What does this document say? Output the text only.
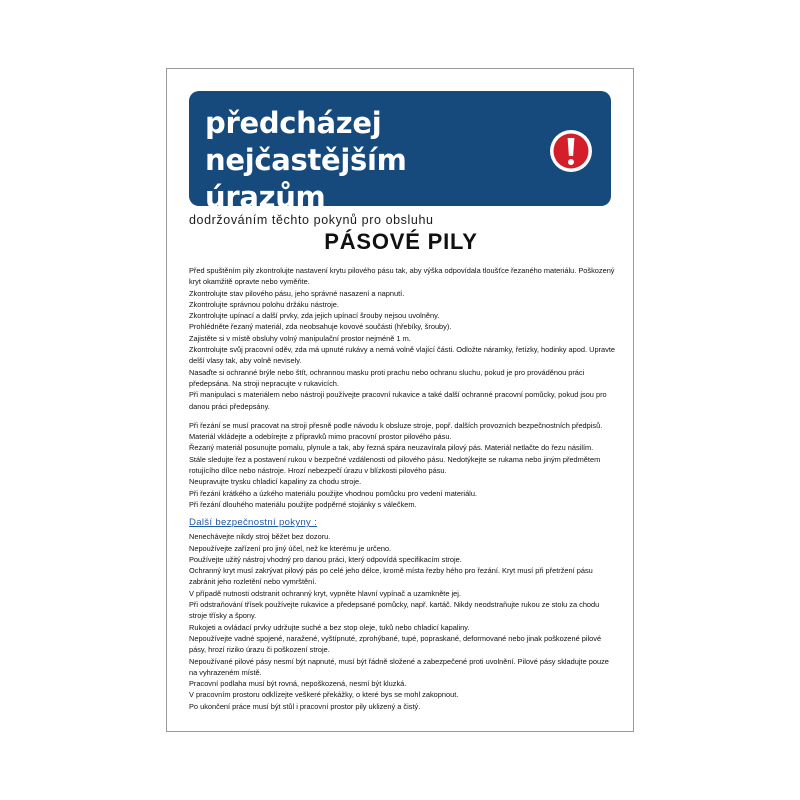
předcházej nejčastějším úrazům
dodržováním těchto pokynů pro obsluhu
PÁSOVÉ PILY

Před spuštěním pily zkontrolujte nastavení krytu pilového pásu tak, aby výška odpovídala tloušťce řezaného materiálu. Poškozený kryt okamžitě opravte nebo vyměňte.

Zkontrolujte stav pilového pásu, jeho správné nasazení a napnutí.

Zkontrolujte správnou polohu držáku nástroje.

Zkontrolujte upínací a další prvky, zda jejich upínací šrouby nejsou uvolněny.

Prohlédněte řezaný materiál, zda neobsahuje kovové součásti (hřebíky, šrouby).

Zajistěte si v místě obsluhy volný manipulační prostor nejméně 1 m.

Zkontrolujte svůj pracovní oděv, zda má upnuté rukávy a nemá volně vlající části. Odložte náramky, řetízky, hodinky apod. Upravte delší vlasy tak, aby volně nevisely.

Nasaďte si ochranné brýle nebo štít, ochrannou masku proti prachu nebo ochranu sluchu, pokud je pro prováděnou práci předepsána. Na stroji nepracujte v rukavicích.

Při manipulaci s materiálem nebo nástroji používejte pracovní rukavice a také další ochranné pracovní pomůcky, pokud jsou pro danou práci předepsány.

Při řezání se musí pracovat na stroji přesně podle návodu k obsluze stroje, popř. dalších provozních bezpečnostních předpisů.

Materiál vkládejte a odebírejte z přípravků mimo pracovní prostor pilového pásu.

Řezaný materiál posunujte pomalu, plynule a tak, aby řezná spára neuzavírala pilový pás. Materiál netlačte do řezu násilím.

Stále sledujte řez a postavení rukou v bezpečné vzdálenosti od pilového pásu. Nedotýkejte se rukama nebo jiným předmětem rotujícího dílce nebo nástroje. Hrozí nebezpečí úrazu v blízkosti pilového pásu.

Neupravujte trysku chladicí kapaliny za chodu stroje.

Při řezání krátkého a úzkého materiálu použijte vhodnou pomůcku pro vedení materiálu.

Při řezání dlouhého materiálu použijte podpěrné stojánky s válečkem.

Další bezpečnostní pokyny :

Nenechávejte nikdy stroj běžet bez dozoru.

Nepoužívejte zařízení pro jiný účel, než ke kterému je určeno.

Používejte užitý nástroj vhodný pro danou práci, který odpovídá specifikacím stroje.

Ochranný kryt musí zakrývat pilový pás po celé jeho délce, kromě místa řezby hého pro řezání. Kryt musí při přetržení pásu zabránit jeho rozletění nebo vymrštění.

V případě nutnosti odstranit ochranný kryt, vypněte hlavní vypínač a uzamkněte jej.

Při odstraňování třísek používejte rukavice a předepsané pomůcky, např. kartáč. Nikdy neodstraňujte rukou ze stolu za chodu stroje třísky a špony.

Rukojeti a ovládací prvky udržujte suché a bez stop oleje, tuků nebo chladicí kapaliny.

Nepoužívejte vadné spojené, naražené, vyštípnuté, zprohýbané, tupé, popraskané, deformované nebo jinak poškozené pilové pásy, hrozí riziko úrazu či poškození stroje.

Nepoužívané pilové pásy nesmí být napnuté, musí být řádně složené a zabezpečené proti uvolnění. Pilové pásy skladujte pouze na vyhrazeném místě.

Pracovní podlaha musí být rovná, nepoškozená, nesmí být kluzká.

V pracovním prostoru odklízejte veškeré překážky, o které bys se mohl zakopnout.

Po ukončení práce musí být stůl i pracovní prostor pily uklizený a čistý.
